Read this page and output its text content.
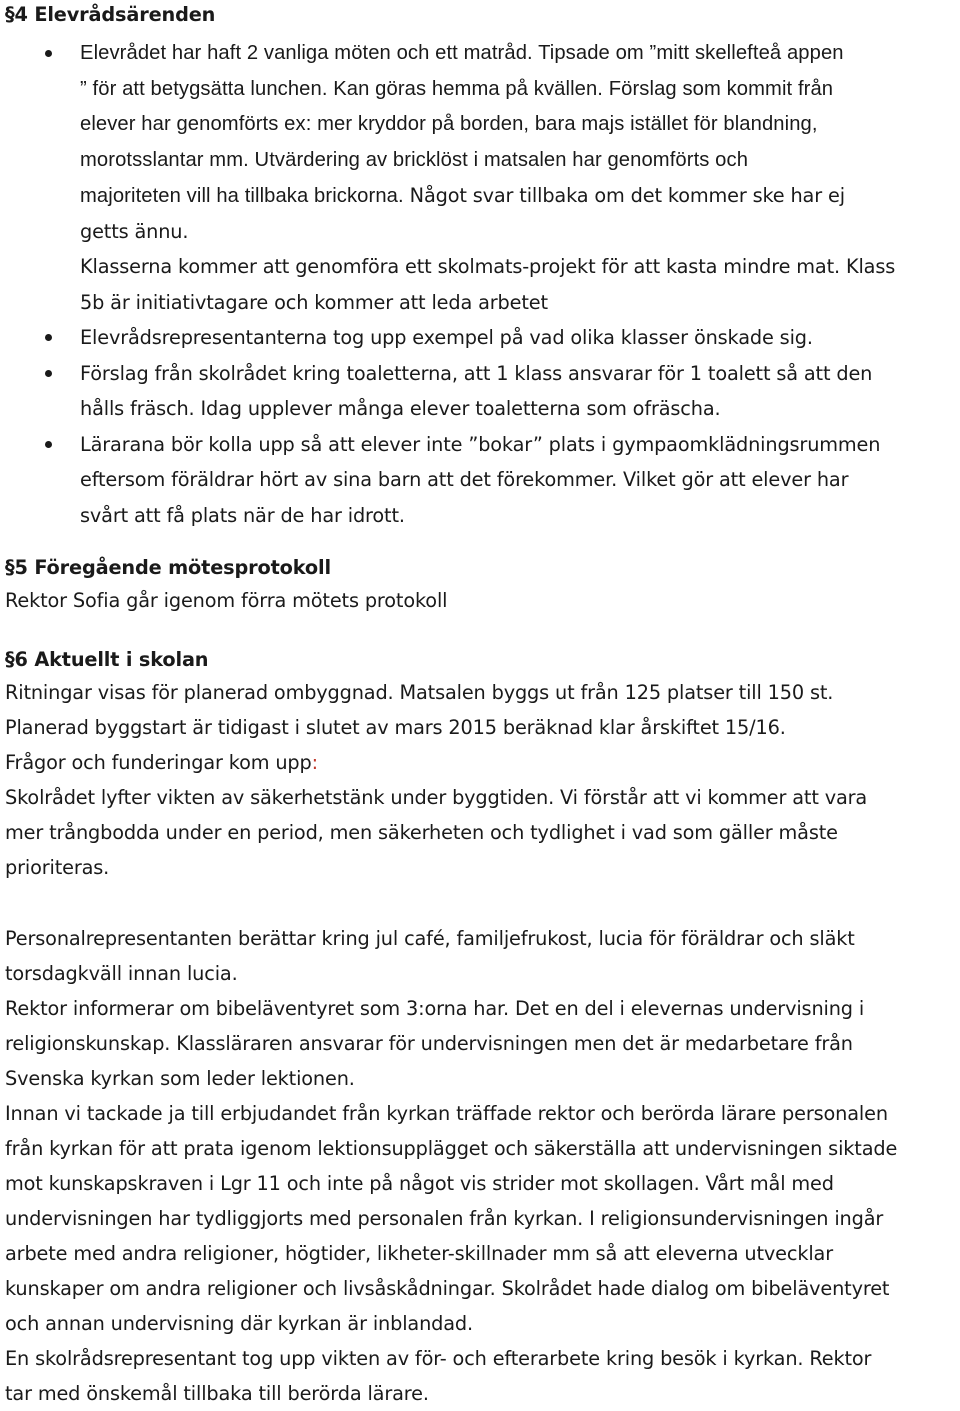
§4 Elevrådsärenden
Elevrådet har haft 2 vanliga möten och ett matråd. Tipsade om ”mitt skellefteå appen
” för att betygsätta lunchen. Kan göras hemma på kvällen. Förslag som kommit från
elever har genomförts ex: mer kryddor på borden, bara majs istället för blandning,
morotsslantar mm. Utvärdering av bricklöst i matsalen har genomförts och
majoriteten vill ha tillbaka brickorna. Något svar tillbaka om det kommer ske har ej
getts ännu.
Klasserna kommer att genomföra ett skolmats-projekt för att kasta mindre mat. Klass
5b är initiativtagare och kommer att leda arbetet
Elevrådsrepresentanterna tog upp exempel på vad olika klasser önskade sig.
Förslag från skolrådet kring toaletterna, att 1 klass ansvarar för 1 toalett så att den
hålls fräsch. Idag upplever många elever toaletterna som ofräscha.
Lärarana bör kolla upp så att elever inte ”bokar” plats i gympaomklädningsrummen
eftersom föräldrar hört av sina barn att det förekommer. Vilket gör att elever har
svårt att få plats när de har idrott.
§5 Föregående mötesprotokoll
Rektor Sofia går igenom förra mötets protokoll
§6 Aktuellt i skolan
Ritningar visas för planerad ombyggnad. Matsalen byggs ut från 125 platser till 150 st.
Planerad byggstart är tidigast i slutet av mars 2015 beräknad klar årskiftet 15/16.
Frågor och funderingar kom upp:
Skolrådet lyfter vikten av säkerhetstänk under byggtiden. Vi förstår att vi kommer att vara
mer trångbodda under en period, men säkerheten och tydlighet i vad som gäller måste
prioriteras.
Personalrepresentanten berättar kring jul café, familjefrukost, lucia för föräldrar och släkt
torsdagkväll innan lucia.
Rektor informerar om bibeläventyret som 3:orna har. Det en del i elevernas undervisning i
religionskunskap. Klassläraren ansvarar för undervisningen men det är medarbetare från
Svenska kyrkan som leder lektionen.
Innan vi tackade ja till erbjudandet från kyrkan träffade rektor och berörda lärare personalen
från kyrkan för att prata igenom lektionsupplägget och säkerställa att undervisningen siktade
mot kunskapskraven i Lgr 11 och inte på något vis strider mot skollagen. Vårt mål med
undervisningen har tydliggjorts med personalen från kyrkan. I religionsundervisningen ingår
arbete med andra religioner, högtider, likheter-skillnader mm så att eleverna utvecklar
kunskaper om andra religioner och livsåskådningar. Skolrådet hade dialog om bibeläventyret
och annan undervisning där kyrkan är inblandad.
En skolrådsrepresentant tog upp vikten av för- och efterarbete kring besök i kyrkan. Rektor
tar med önskemål tillbaka till berörda lärare.
